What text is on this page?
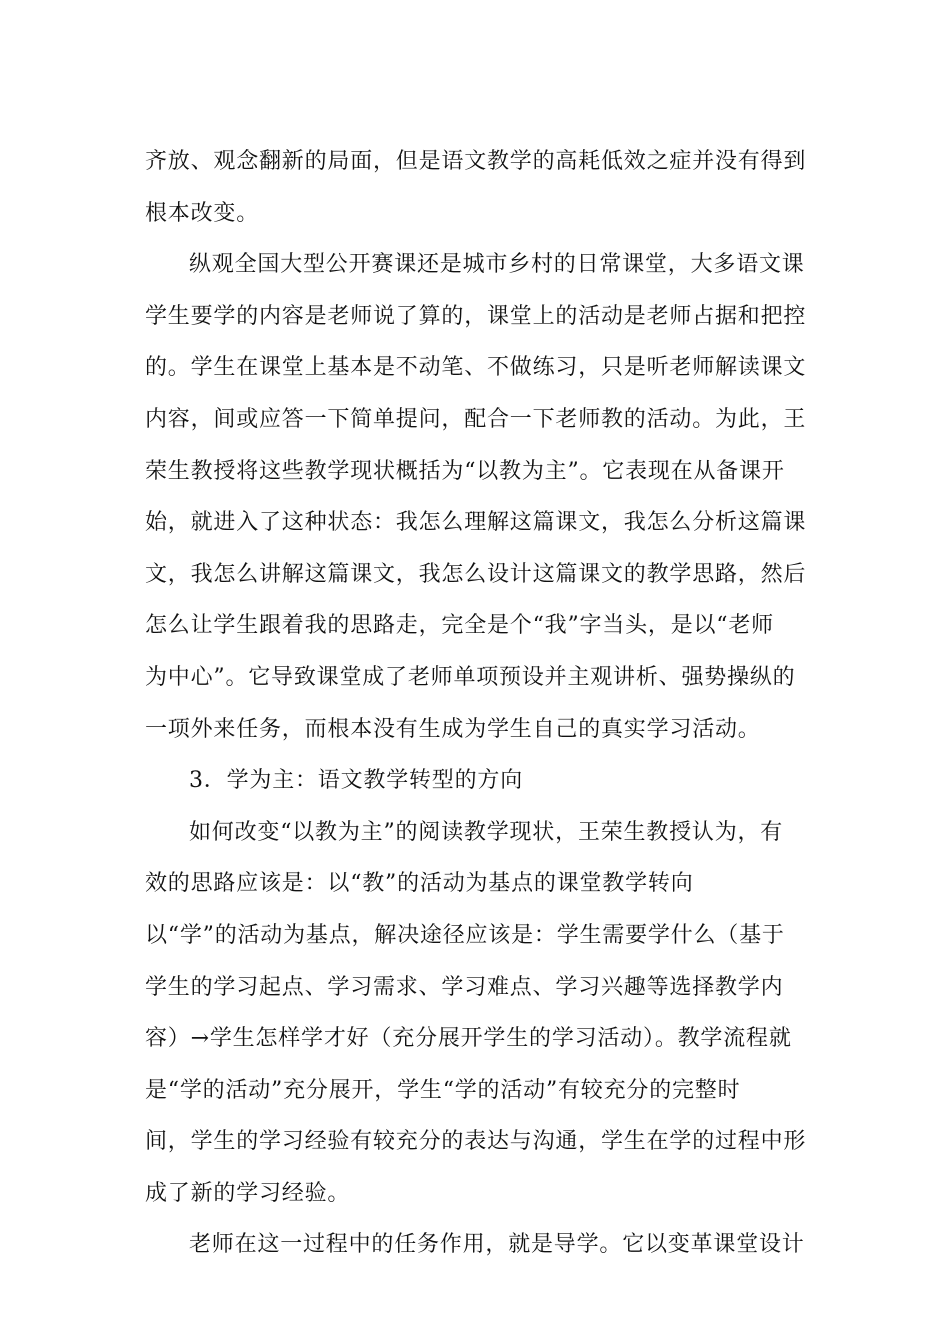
齐放、观念翻新的局面，但是语文教学的高耗低效之症并没有得到
根本改变。
纵观全国大型公开赛课还是城市乡村的日常课堂，大多语文课
学生要学的内容是老师说了算的，课堂上的活动是老师占据和把控
的。学生在课堂上基本是不动笔、不做练习，只是听老师解读课文
内容，间或应答一下简单提问，配合一下老师教的活动。为此，王
荣生教授将这些教学现状概括为“以教为主”。它表现在从备课开
始，就进入了这种状态：我怎么理解这篇课文，我怎么分析这篇课
文，我怎么讲解这篇课文，我怎么设计这篇课文的教学思路，然后
怎么让学生跟着我的思路走，完全是个“我”字当头，是以“老师
为中心”。它导致课堂成了老师单项预设并主观讲析、强势操纵的
一项外来任务，而根本没有生成为学生自己的真实学习活动。
3．学为主：语文教学转型的方向
如何改变“以教为主”的阅读教学现状，王荣生教授认为，有
效的思路应该是：以“教”的活动为基点的课堂教学转向
以“学”的活动为基点，解决途径应该是：学生需要学什么（基于
学生的学习起点、学习需求、学习难点、学习兴趣等选择教学内
容）→学生怎样学才好（充分展开学生的学习活动）。教学流程就
是“学的活动”充分展开，学生“学的活动”有较充分的完整时
间，学生的学习经验有较充分的表达与沟通，学生在学的过程中形
成了新的学习经验。
老师在这一过程中的任务作用，就是导学。它以变革课堂设计
